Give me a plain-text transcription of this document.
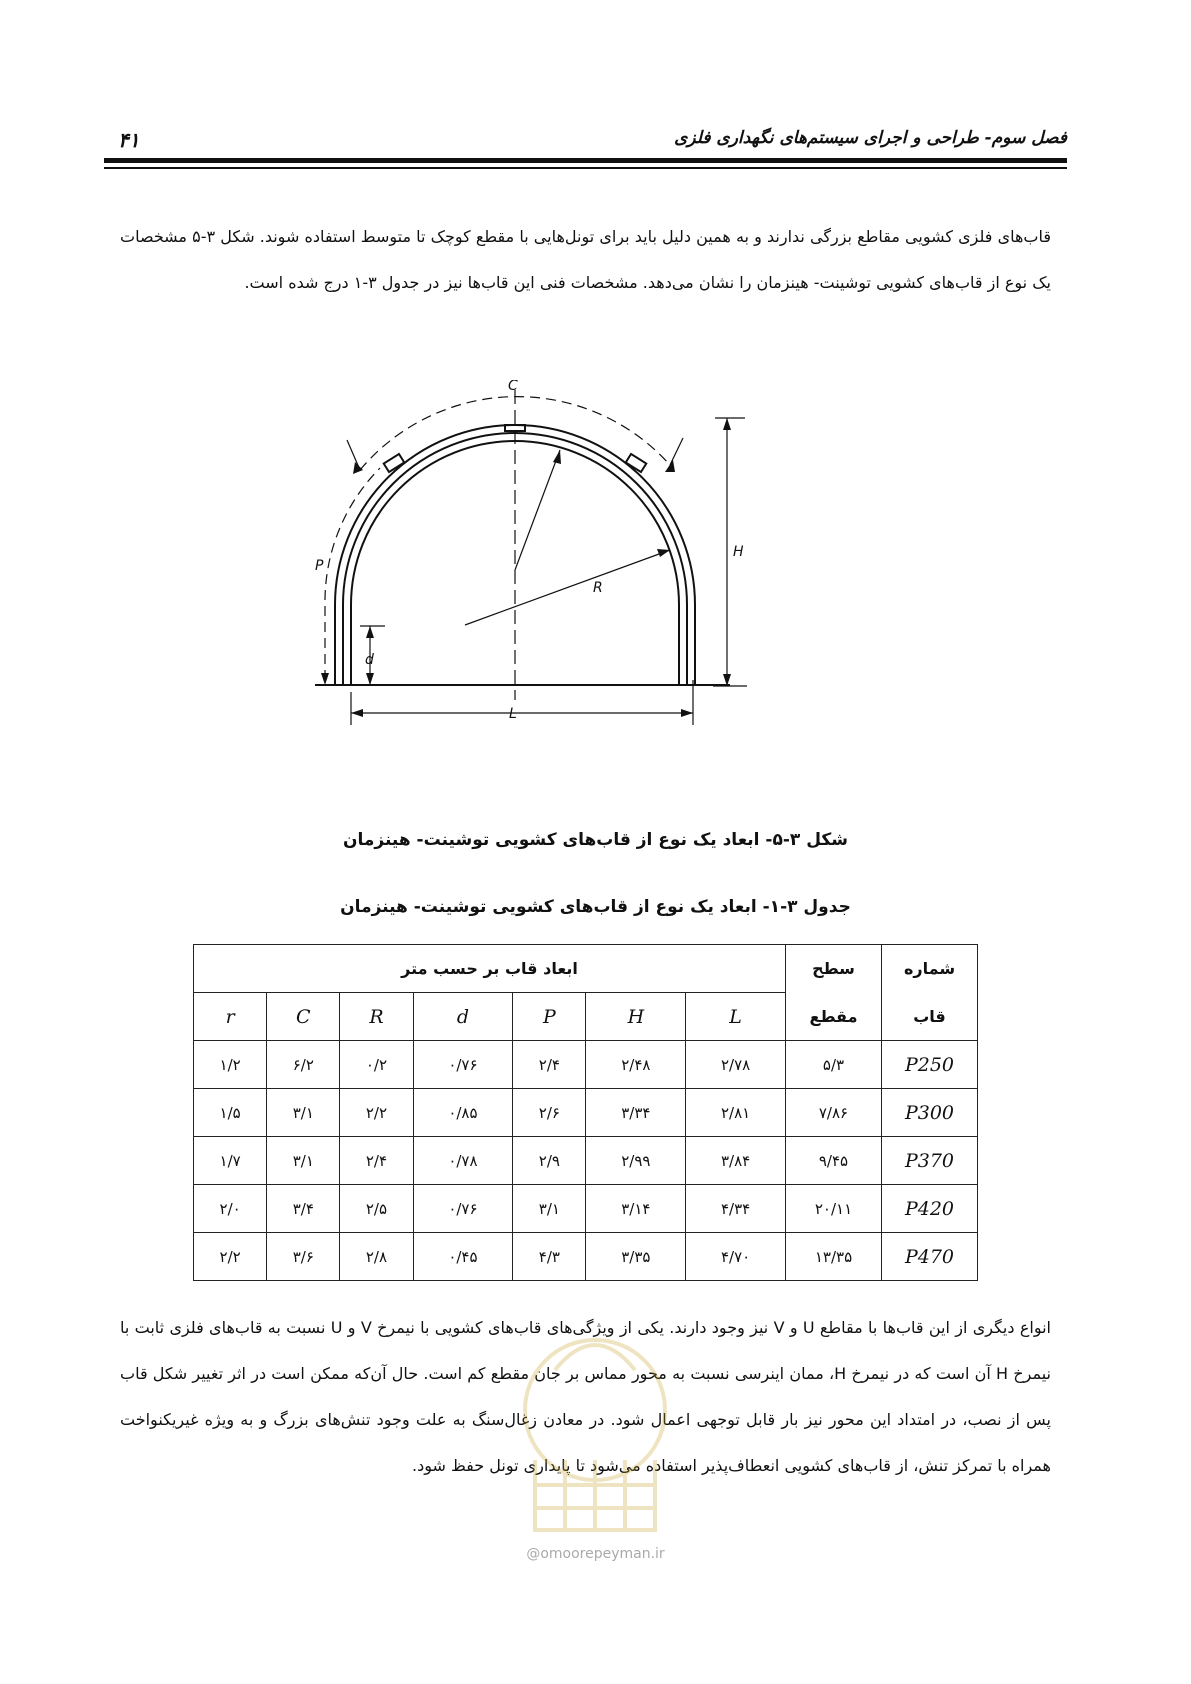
فصل سوم- طراحی و اجرای سیستم‌های نگهداری فلزی
۴۱
قاب‌های فلزی کشویی مقاطع بزرگی ندارند و به همین دلیل باید برای تونل‌هایی با مقطع کوچک تا متوسط استفاده شوند. شکل ۳-۵ مشخصات یک نوع از قاب‌های کشویی توشینت- هینزمان را نشان می‌دهد. مشخصات فنی این قاب‌ها نیز در جدول ۳-۱ درج شده است.
C
P
H
R
d
L
شکل ۳-۵- ابعاد یک نوع از قاب‌های کشویی توشینت- هینزمان
جدول ۳-۱- ابعاد یک نوع از قاب‌های کشویی توشینت- هینزمان
شماره	سطح	ابعاد قاب بر حسب متر						
قاب	مقطع	L	H	P	d	R	C	r
P250	۵/۳	۲/۷۸	۲/۴۸	۲/۴	۰/۷۶	۰/۲	۶/۲	۱/۲
P300	۷/۸۶	۲/۸۱	۳/۳۴	۲/۶	۰/۸۵	۲/۲	۳/۱	۱/۵
P370	۹/۴۵	۳/۸۴	۲/۹۹	۲/۹	۰/۷۸	۲/۴	۳/۱	۱/۷
P420	۲۰/۱۱	۴/۳۴	۳/۱۴	۳/۱	۰/۷۶	۲/۵	۳/۴	۲/۰
P470	۱۳/۳۵	۴/۷۰	۳/۳۵	۴/۳	۰/۴۵	۲/۸	۳/۶	۲/۲
انواع دیگری از این قاب‌ها با مقاطع U و V نیز وجود دارند. یکی از ویژگی‌های قاب‌های کشویی با نیمرخ V و U نسبت به قاب‌های فلزی ثابت با نیمرخ H آن است که در نیمرخ H، ممان اینرسی نسبت به محور مماس بر جان مقطع کم است. حال آن‌که ممکن است در اثر تغییر شکل قاب پس از نصب، در امتداد این محور نیز بار قابل توجهی اعمال شود. در معادن زغال‌سنگ به علت وجود تنش‌های بزرگ و به ویژه غیریکنواخت همراه با تمرکز تنش، از قاب‌های کشویی انعطاف‌پذیر استفاده می‌شود تا پایداری تونل حفظ شود.
@omoorepeyman.ir
